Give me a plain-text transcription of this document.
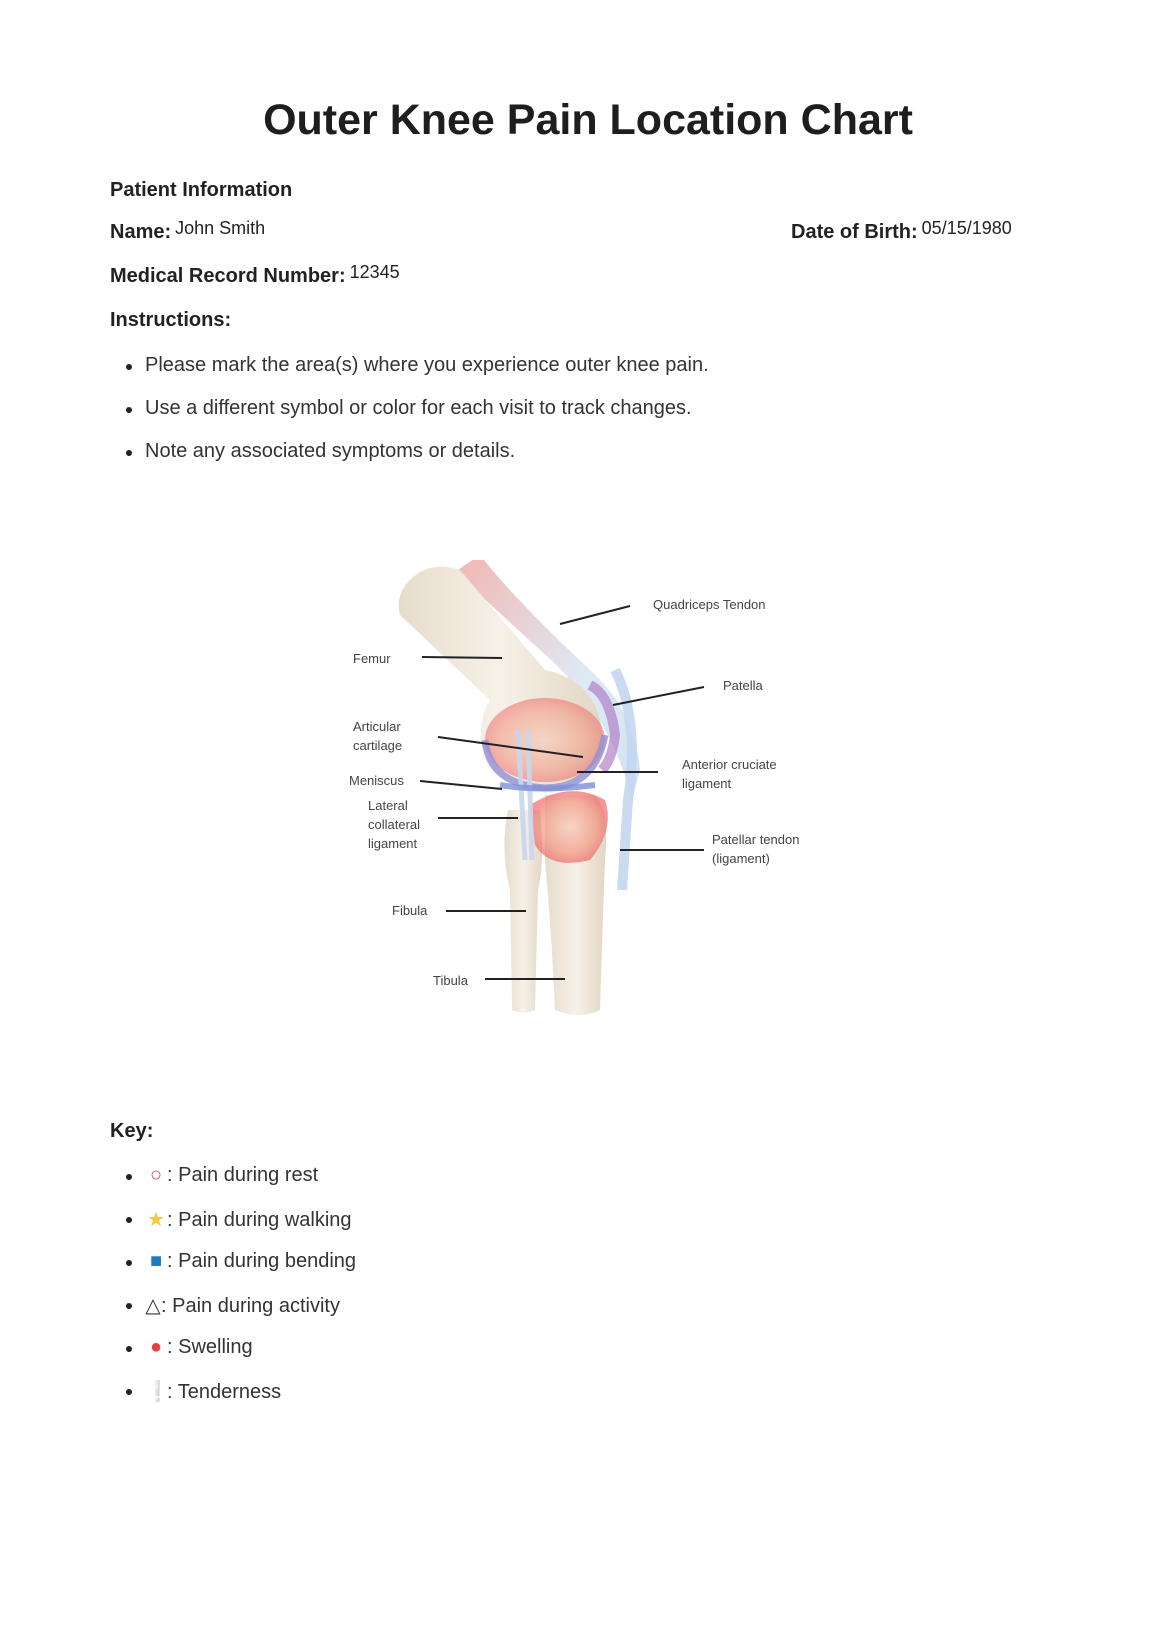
Outer Knee Pain Location Chart
Patient Information
Name: John Smith	Date of Birth: 05/15/1980
Medical Record Number: 12345
Instructions:
Please mark the area(s) where you experience outer knee pain.
Use a different symbol or color for each visit to track changes.
Note any associated symptoms or details.
Quadriceps Tendon
Femur
Patella
Articular
cartilage
Anterior cruciate
ligament
Meniscus
Lateral
collateral
ligament	Patellar tendon
(ligament)
Fibula
Tibula
Key:
○ : Pain during rest
★ : Pain during walking
■ : Pain during bending
△: Pain during activity
● : Swelling
❕: Tenderness
